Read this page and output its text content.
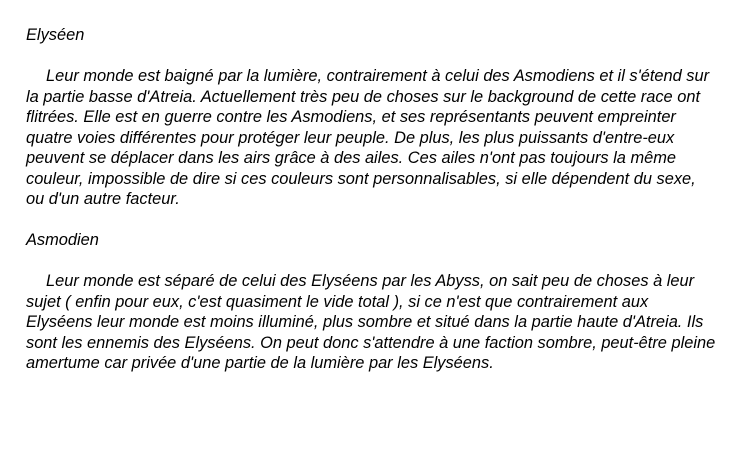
Elyséen

Leur monde est baigné par la lumière, contrairement à celui des Asmodiens et il s'étend sur la partie basse d'Atreia. Actuellement très peu de choses sur le background de cette race ont flitrées. Elle est en guerre contre les Asmodiens, et ses représentants peuvent empreinter quatre voies différentes pour protéger leur peuple. De plus, les plus puissants d'entre-eux peuvent se déplacer dans les airs grâce à des ailes. Ces ailes n'ont pas toujours la même couleur, impossible de dire si ces couleurs sont personnalisables, si elle dépendent du sexe, ou d'un autre facteur.

Asmodien

Leur monde est séparé de celui des Elyséens par les Abyss, on sait peu de choses à leur sujet ( enfin pour eux, c'est quasiment le vide total ), si ce n'est que contrairement aux Elyséens leur monde est moins illuminé, plus sombre et situé dans la partie haute d'Atreia. Ils sont les ennemis des Elyséens. On peut donc s'attendre à une faction sombre, peut-être pleine amertume car privée d'une partie de la lumière par les Elyséens.
